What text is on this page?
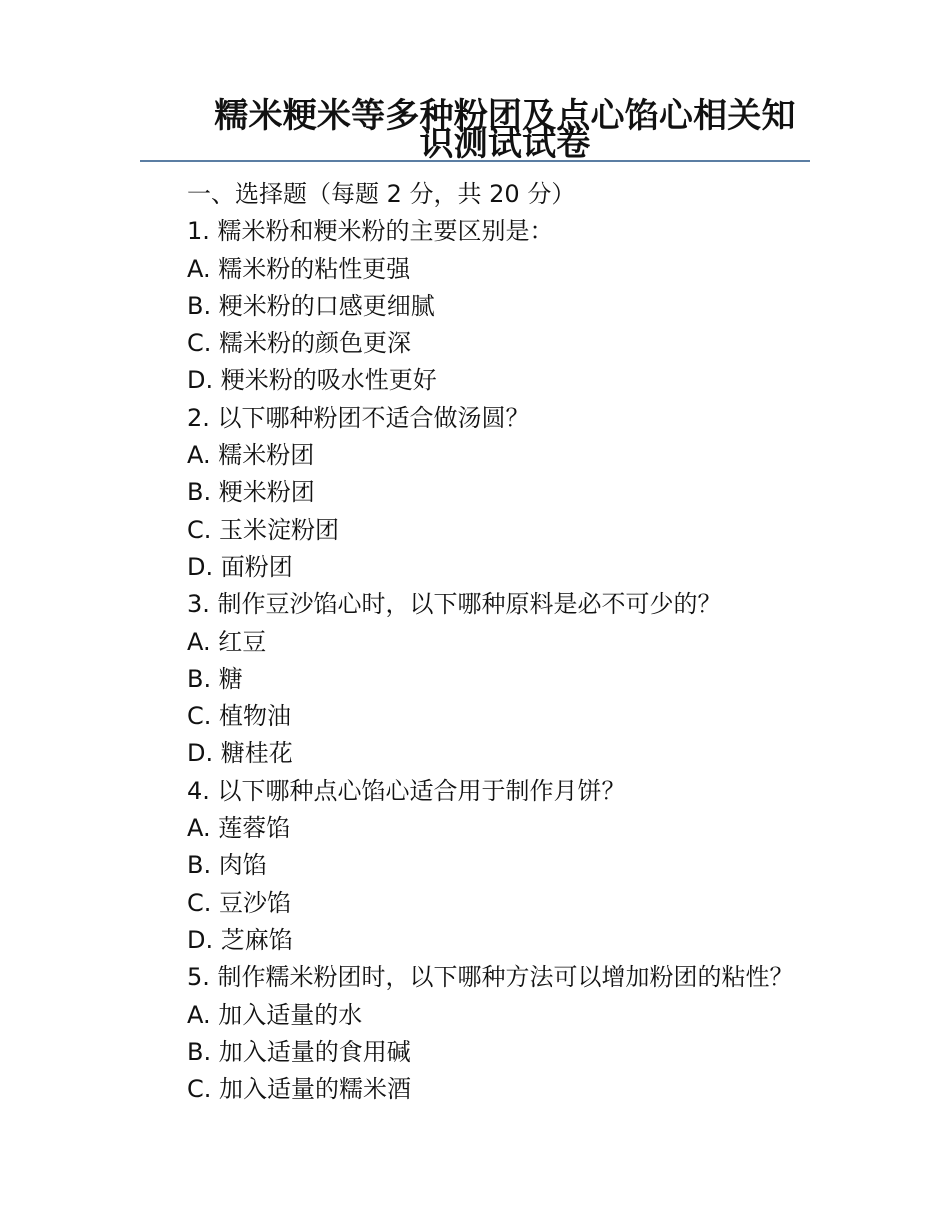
糯米粳米等多种粉团及点心馅心相关知识测试试卷
一、选择题（每题 2 分，共 20 分）
1. 糯米粉和粳米粉的主要区别是：
A. 糯米粉的粘性更强
B. 粳米粉的口感更细腻
C. 糯米粉的颜色更深
D. 粳米粉的吸水性更好
2. 以下哪种粉团不适合做汤圆？
A. 糯米粉团
B. 粳米粉团
C. 玉米淀粉团
D. 面粉团
3. 制作豆沙馅心时，以下哪种原料是必不可少的？
A. 红豆
B. 糖
C. 植物油
D. 糖桂花
4. 以下哪种点心馅心适合用于制作月饼？
A. 莲蓉馅
B. 肉馅
C. 豆沙馅
D. 芝麻馅
5. 制作糯米粉团时，以下哪种方法可以增加粉团的粘性？
A. 加入适量的水
B. 加入适量的食用碱
C. 加入适量的糯米酒
